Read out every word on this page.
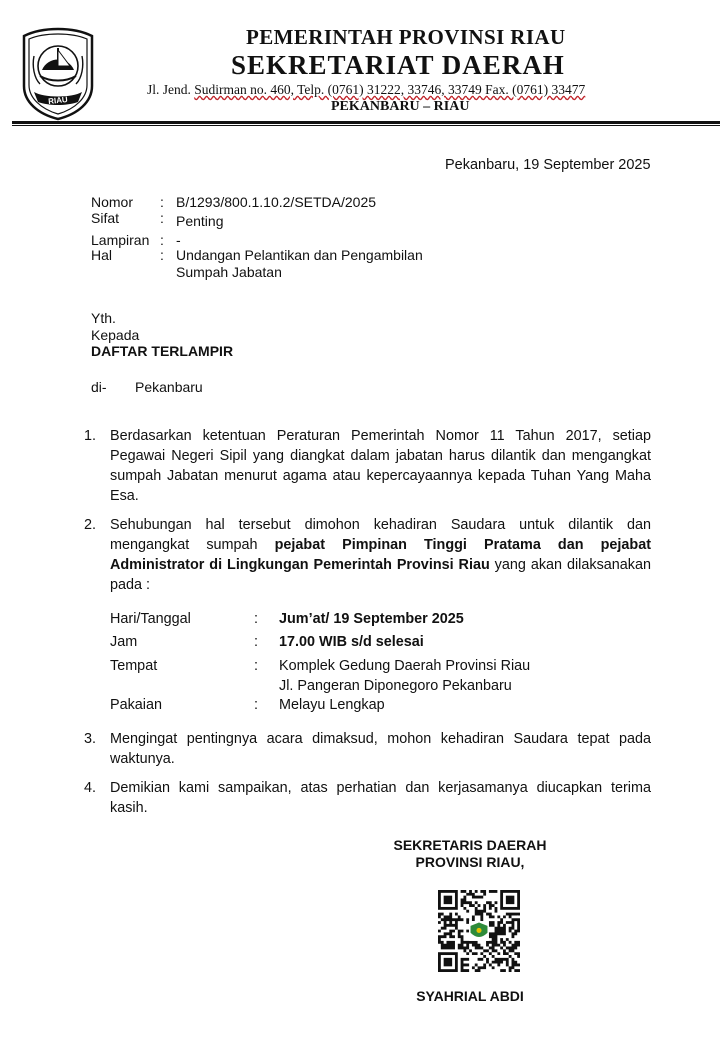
RIAU
PEMERINTAH PROVINSI RIAU
SEKRETARIAT DAERAH
Jl. Jend. Sudirman no. 460, Telp. (0761) 31222, 33746, 33749 Fax. (0761) 33477
PEKANBARU – RIAU
Pekanbaru, 19 September 2025
Nomor : B/1293/800.1.10.2/SETDA/2025
Sifat	: Penting
Lampiran : -
Hal	: Undangan Pelantikan dan Pengambilan
Sumpah Jabatan
Yth.
Kepada
DAFTAR TERLAMPIR
di- Pekanbaru
1. Berdasarkan ketentuan Peraturan Pemerintah Nomor 11 Tahun 2017, setiap Pegawai Negeri Sipil yang diangkat dalam jabatan harus dilantik dan mengangkat sumpah Jabatan menurut agama atau kepercayaannya kepada Tuhan Yang Maha Esa.
2. Sehubungan hal tersebut dimohon kehadiran Saudara untuk dilantik dan mengangkat sumpah pejabat Pimpinan Tinggi Pratama dan pejabat Administrator di Lingkungan Pemerintah Provinsi Riau yang akan dilaksanakan pada :
Hari/Tanggal	: Jum’at/ 19 September 2025
Jam	: 17.00 WIB s/d selesai
Tempat	: Komplek Gedung Daerah Provinsi Riau
Jl. Pangeran Diponegoro Pekanbaru
Pakaian	: Melayu Lengkap
3. Mengingat pentingnya acara dimaksud, mohon kehadiran Saudara tepat pada waktunya.
4. Demikian kami sampaikan, atas perhatian dan kerjasamanya diucapkan terima kasih.
SEKRETARIS DAERAH
PROVINSI RIAU,
SYAHRIAL ABDI
